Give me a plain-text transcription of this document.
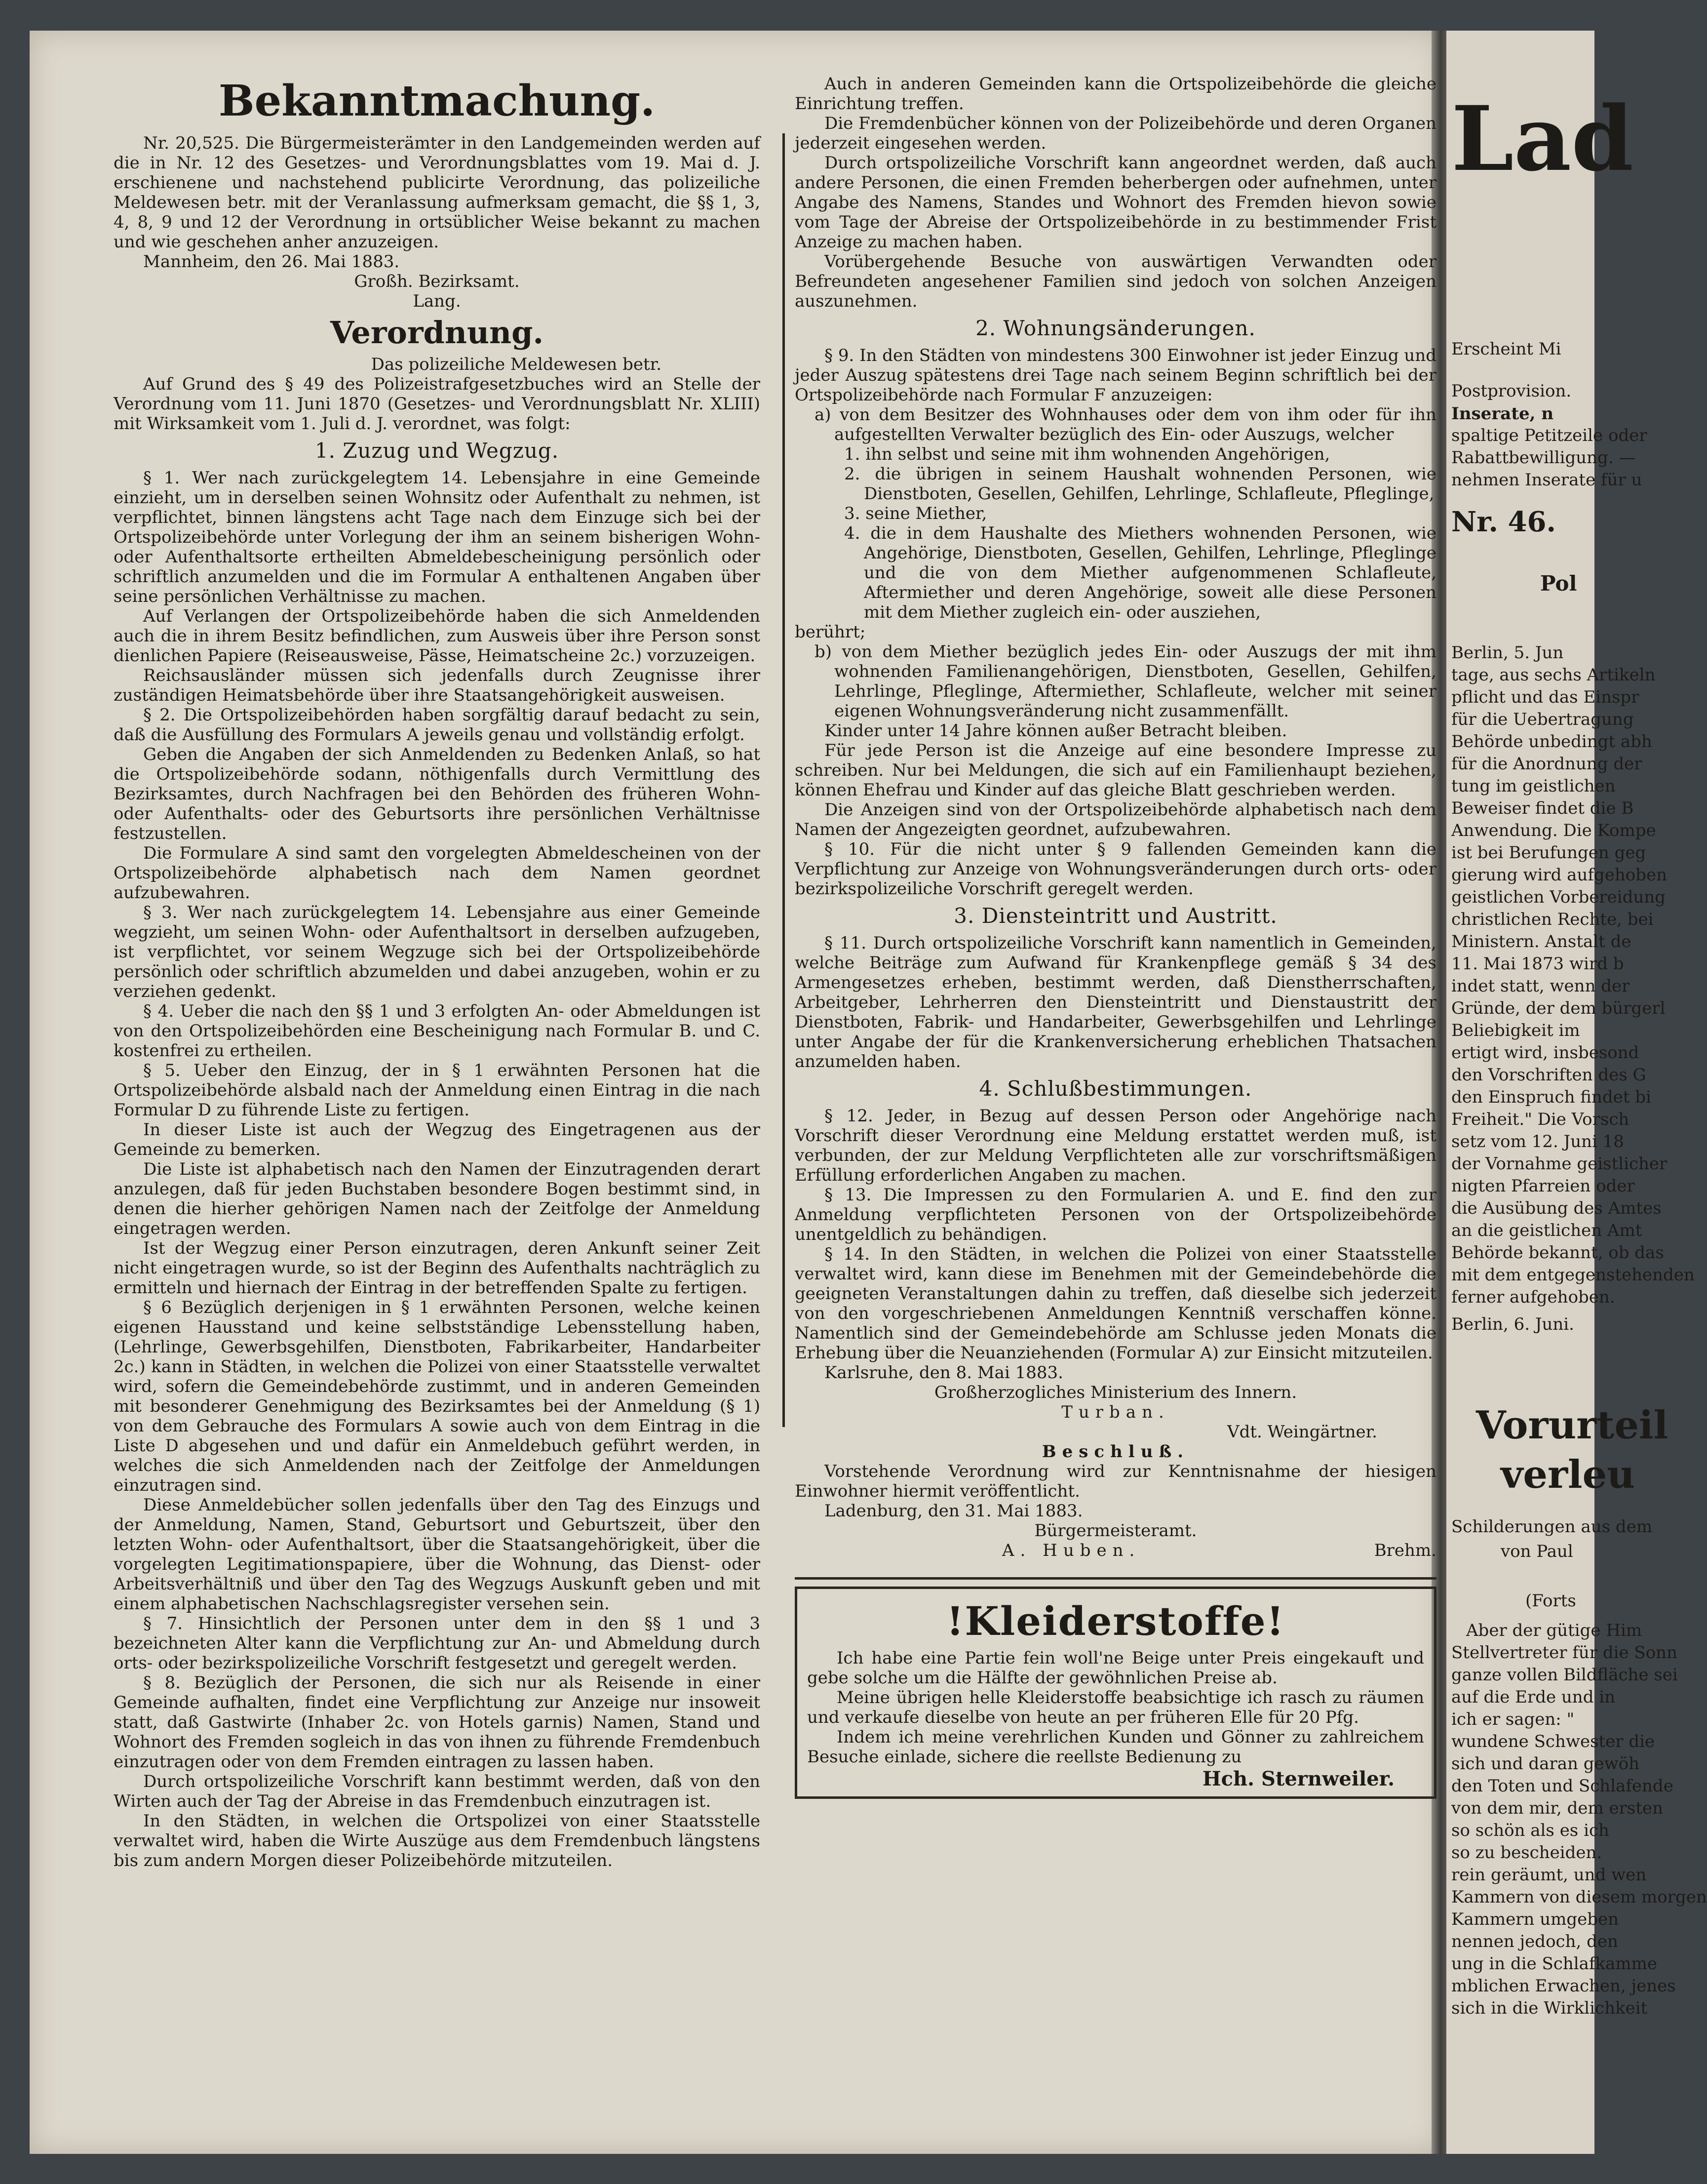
Lad
Erscheint Mi
Postprovision.
Inserate, n
spaltige Petitzeile oder
Rabattbewilligung. —
nehmen Inserate für u
Nr. 46.
Pol
Berlin, 5. Jun
tage, aus sechs Artikeln
pflicht und das Einspr
für die Uebertragung
Behörde unbedingt abh
für die Anordnung der
tung im geistlichen
Beweiser findet die B
Anwendung. Die Kompe
ist bei Berufungen geg
gierung wird aufgehoben
geistlichen Vorbereidung
christlichen Rechte, bei
Ministern. Anstalt de
11. Mai 1873 wird b
indet statt, wenn der
Gründe, der dem bürgerl
Beliebigkeit im
ertigt wird, insbesond
den Vorschriften des G
den Einspruch findet bi
Freiheit." Die Vorsch
setz vom 12. Juni 18
der Vornahme geistlicher
nigten Pfarreien oder
die Ausübung des Amtes
an die geistlichen Amt
Behörde bekannt, ob das
mit dem entgegenstehenden
ferner aufgehoben.
Berlin, 6. Juni.
Vorurteil
verleu
Schilderungen aus dem
von Paul
(Forts
Aber der gütige Him
Stellvertreter für die Sonn
ganze vollen Bildfläche sei
auf die Erde und in
ich er sagen: "
wundene Schwester die
sich und daran gewöh
den Toten und Schlafende
von dem mir, dem ersten
so schön als es ich
so zu bescheiden.
rein geräumt, und wen
Kammern von diesem morgen
Kammern umgeben
nennen jedoch, den
ung in die Schlafkamme
mblichen Erwachen, jenes
sich in die Wirklichkeit
Bekanntmachung.

Nr. 20,525. Die Bürgermeisterämter in den Landgemeinden werden auf die in Nr. 12 des Gesetzes- und Verordnungsblattes vom 19. Mai d. J. erschienene und nachstehend publicirte Verordnung, das polizeiliche Meldewesen betr. mit der Veranlassung aufmerksam gemacht, die §§ 1, 3, 4, 8, 9 und 12 der Verordnung in ortsüblicher Weise bekannt zu machen und wie geschehen anher anzuzeigen.

Mannheim, den 26. Mai 1883.

Großh. Bezirksamt.

Lang.

Verordnung.

Das polizeiliche Meldewesen betr.

Auf Grund des § 49 des Polizeistrafgesetzbuches wird an Stelle der Verordnung vom 11. Juni 1870 (Gesetzes- und Verordnungsblatt Nr. XLIII) mit Wirksamkeit vom 1. Juli d. J. verordnet, was folgt:

1. Zuzug und Wegzug.

§ 1. Wer nach zurückgelegtem 14. Lebensjahre in eine Gemeinde einzieht, um in derselben seinen Wohnsitz oder Aufenthalt zu nehmen, ist verpflichtet, binnen längstens acht Tage nach dem Einzuge sich bei der Ortspolizeibehörde unter Vorlegung der ihm an seinem bisherigen Wohn- oder Aufenthaltsorte ertheilten Abmeldebescheinigung persönlich oder schriftlich anzumelden und die im Formular A enthaltenen Angaben über seine persönlichen Verhältnisse zu machen.

Auf Verlangen der Ortspolizeibehörde haben die sich Anmeldenden auch die in ihrem Besitz befindlichen, zum Ausweis über ihre Person sonst dienlichen Papiere (Reiseausweise, Pässe, Heimatscheine 2c.) vorzuzeigen.

Reichsausländer müssen sich jedenfalls durch Zeugnisse ihrer zuständigen Heimatsbehörde über ihre Staatsangehörigkeit ausweisen.

§ 2. Die Ortspolizeibehörden haben sorgfältig darauf bedacht zu sein, daß die Ausfüllung des Formulars A jeweils genau und vollständig erfolgt.

Geben die Angaben der sich Anmeldenden zu Bedenken Anlaß, so hat die Ortspolizeibehörde sodann, nöthigenfalls durch Vermittlung des Bezirksamtes, durch Nachfragen bei den Behörden des früheren Wohn- oder Aufenthalts- oder des Geburtsorts ihre persönlichen Verhältnisse festzustellen.

Die Formulare A sind samt den vorgelegten Abmeldescheinen von der Ortspolizeibehörde alphabetisch nach dem Namen geordnet aufzubewahren.

§ 3. Wer nach zurückgelegtem 14. Lebensjahre aus einer Gemeinde wegzieht, um seinen Wohn- oder Aufenthaltsort in derselben aufzugeben, ist verpflichtet, vor seinem Wegzuge sich bei der Ortspolizeibehörde persönlich oder schriftlich abzumelden und dabei anzugeben, wohin er zu verziehen gedenkt.

§ 4. Ueber die nach den §§ 1 und 3 erfolgten An- oder Abmeldungen ist von den Ortspolizeibehörden eine Bescheinigung nach Formular B. und C. kostenfrei zu ertheilen.

§ 5. Ueber den Einzug, der in § 1 erwähnten Personen hat die Ortspolizeibehörde alsbald nach der Anmeldung einen Eintrag in die nach Formular D zu führende Liste zu fertigen.

In dieser Liste ist auch der Wegzug des Eingetragenen aus der Gemeinde zu bemerken.

Die Liste ist alphabetisch nach den Namen der Einzutragenden derart anzulegen, daß für jeden Buchstaben besondere Bogen bestimmt sind, in denen die hierher gehörigen Namen nach der Zeitfolge der Anmeldung eingetragen werden.

Ist der Wegzug einer Person einzutragen, deren Ankunft seiner Zeit nicht eingetragen wurde, so ist der Beginn des Aufenthalts nachträglich zu ermitteln und hiernach der Eintrag in der betreffenden Spalte zu fertigen.

§ 6 Bezüglich derjenigen in § 1 erwähnten Personen, welche keinen eigenen Hausstand und keine selbstständige Lebensstellung haben, (Lehrlinge, Gewerbsgehilfen, Dienstboten, Fabrikarbeiter, Handarbeiter 2c.) kann in Städten, in welchen die Polizei von einer Staatsstelle verwaltet wird, sofern die Gemeindebehörde zustimmt, und in anderen Gemeinden mit besonderer Genehmigung des Bezirksamtes bei der Anmeldung (§ 1) von dem Gebrauche des Formulars A sowie auch von dem Eintrag in die Liste D abgesehen und und dafür ein Anmeldebuch geführt werden, in welches die sich Anmeldenden nach der Zeitfolge der Anmeldungen einzutragen sind.

Diese Anmeldebücher sollen jedenfalls über den Tag des Einzugs und der Anmeldung, Namen, Stand, Geburtsort und Geburtszeit, über den letzten Wohn- oder Aufenthaltsort, über die Staatsangehörigkeit, über die vorgelegten Legitimationspapiere, über die Wohnung, das Dienst- oder Arbeitsverhältniß und über den Tag des Wegzugs Auskunft geben und mit einem alphabetischen Nachschlagsregister versehen sein.

§ 7. Hinsichtlich der Personen unter dem in den §§ 1 und 3 bezeichneten Alter kann die Verpflichtung zur An- und Abmeldung durch orts- oder bezirkspolizeiliche Vorschrift festgesetzt und geregelt werden.

§ 8. Bezüglich der Personen, die sich nur als Reisende in einer Gemeinde aufhalten, findet eine Verpflichtung zur Anzeige nur insoweit statt, daß Gastwirte (Inhaber 2c. von Hotels garnis) Namen, Stand und Wohnort des Fremden sogleich in das von ihnen zu führende Fremdenbuch einzutragen oder von dem Fremden eintragen zu lassen haben.

Durch ortspolizeiliche Vorschrift kann bestimmt werden, daß von den Wirten auch der Tag der Abreise in das Fremdenbuch einzutragen ist.

In den Städten, in welchen die Ortspolizei von einer Staatsstelle verwaltet wird, haben die Wirte Auszüge aus dem Fremdenbuch längstens bis zum andern Morgen dieser Polizeibehörde mitzuteilen.

Auch in anderen Gemeinden kann die Ortspolizeibehörde die gleiche Einrichtung treffen.

Die Fremdenbücher können von der Polizeibehörde und deren Organen jederzeit eingesehen werden.

Durch ortspolizeiliche Vorschrift kann angeordnet werden, daß auch andere Personen, die einen Fremden beherbergen oder aufnehmen, unter Angabe des Namens, Standes und Wohnort des Fremden hievon sowie vom Tage der Abreise der Ortspolizeibehörde in zu bestimmender Frist Anzeige zu machen haben.

Vorübergehende Besuche von auswärtigen Verwandten oder Befreundeten angesehener Familien sind jedoch von solchen Anzeigen auszunehmen.

2. Wohnungsänderungen.

§ 9. In den Städten von mindestens 300 Einwohner ist jeder Einzug und jeder Auszug spätestens drei Tage nach seinem Beginn schriftlich bei der Ortspolizeibehörde nach Formular F anzuzeigen:

a) von dem Besitzer des Wohnhauses oder dem von ihm oder für ihn aufgestellten Verwalter bezüglich des Ein- oder Auszugs, welcher

1. ihn selbst und seine mit ihm wohnenden Angehörigen,

2. die übrigen in seinem Haushalt wohnenden Personen, wie Dienstboten, Gesellen, Gehilfen, Lehrlinge, Schlafleute, Pfleglinge,

3. seine Miether,

4. die in dem Haushalte des Miethers wohnenden Personen, wie Angehörige, Dienstboten, Gesellen, Gehilfen, Lehrlinge, Pfleglinge und die von dem Miether aufgenommenen Schlafleute, Aftermiether und deren Angehörige, soweit alle diese Personen mit dem Miether zugleich ein- oder ausziehen,

berührt;

b) von dem Miether bezüglich jedes Ein- oder Auszugs der mit ihm wohnenden Familienangehörigen, Dienstboten, Gesellen, Gehilfen, Lehrlinge, Pfleglinge, Aftermiether, Schlafleute, welcher mit seiner eigenen Wohnungsveränderung nicht zusammenfällt.

Kinder unter 14 Jahre können außer Betracht bleiben.

Für jede Person ist die Anzeige auf eine besondere Impresse zu schreiben. Nur bei Meldungen, die sich auf ein Familienhaupt beziehen, können Ehefrau und Kinder auf das gleiche Blatt geschrieben werden.

Die Anzeigen sind von der Ortspolizeibehörde alphabetisch nach dem Namen der Angezeigten geordnet, aufzubewahren.

§ 10. Für die nicht unter § 9 fallenden Gemeinden kann die Verpflichtung zur Anzeige von Wohnungsveränderungen durch orts- oder bezirkspolizeiliche Vorschrift geregelt werden.

3. Diensteintritt und Austritt.

§ 11. Durch ortspolizeiliche Vorschrift kann namentlich in Gemeinden, welche Beiträge zum Aufwand für Krankenpflege gemäß § 34 des Armengesetzes erheben, bestimmt werden, daß Dienstherrschaften, Arbeitgeber, Lehrherren den Diensteintritt und Dienstaustritt der Dienstboten, Fabrik- und Handarbeiter, Gewerbsgehilfen und Lehrlinge unter Angabe der für die Krankenversicherung erheblichen Thatsachen anzumelden haben.

4. Schlußbestimmungen.

§ 12. Jeder, in Bezug auf dessen Person oder Angehörige nach Vorschrift dieser Verordnung eine Meldung erstattet werden muß, ist verbunden, der zur Meldung Verpflichteten alle zur vorschriftsmäßigen Erfüllung erforderlichen Angaben zu machen.

§ 13. Die Impressen zu den Formularien A. und E. find den zur Anmeldung verpflichteten Personen von der Ortspolizeibehörde unentgeldlich zu behändigen.

§ 14. In den Städten, in welchen die Polizei von einer Staatsstelle verwaltet wird, kann diese im Benehmen mit der Gemeindebehörde die geeigneten Veranstaltungen dahin zu treffen, daß dieselbe sich jederzeit von den vorgeschriebenen Anmeldungen Kenntniß verschaffen könne. Namentlich sind der Gemeindebehörde am Schlusse jeden Monats die Erhebung über die Neuanziehenden (Formular A) zur Einsicht mitzuteilen.

Karlsruhe, den 8. Mai 1883.

Großherzogliches Ministerium des Innern.

Turban.

Vdt. Weingärtner.

Beschluß.

Vorstehende Verordnung wird zur Kenntnisnahme der hiesigen Einwohner hiermit veröffentlicht.

Ladenburg, den 31. Mai 1883.

Bürgermeisteramt.

A. Huben.	Brehm.
!Kleiderstoffe!

Ich habe eine Partie fein woll'ne Beige unter Preis eingekauft und gebe solche um die Hälfte der gewöhnlichen Preise ab.

Meine übrigen helle Kleiderstoffe beabsichtige ich rasch zu räumen und verkaufe dieselbe von heute an per früheren Elle für 20 Pfg.

Indem ich meine verehrlichen Kunden und Gönner zu zahlreichem Besuche einlade, sichere die reellste Bedienung zu

Hch. Sternweiler.
